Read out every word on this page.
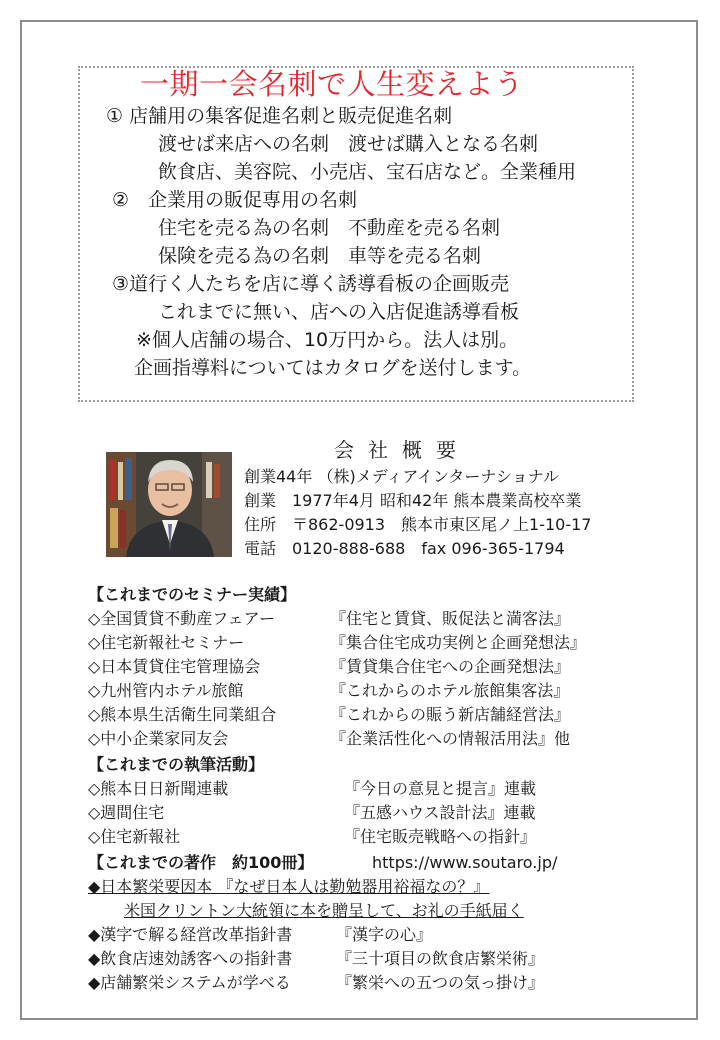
一期一会名刺で人生変えよう
① 店舗用の集客促進名刺と販売促進名刺
渡せば来店への名刺　渡せば購入となる名刺
飲食店、美容院、小売店、宝石店など。全業種用
②　企業用の販促専用の名刺
住宅を売る為の名刺　不動産を売る名刺
保険を売る為の名刺　車等を売る名刺
③道行く人たちを店に導く誘導看板の企画販売
これまでに無い、店への入店促進誘導看板
※個人店舗の場合、10万円から。法人は別。
企画指導料についてはカタログを送付します。
会社概要
創業44年 （株)メディアインターナショナル
創業　1977年4月 昭和42年 熊本農業高校卒業
住所　〒862-0913　熊本市東区尾ノ上1-10-17
電話　0120-888-688　fax 096-365-1794
【これまでのセミナー実績】
◇全国賃貸不動産フェアー	『住宅と賃貸、販促法と満客法』
◇住宅新報社セミナー	『集合住宅成功実例と企画発想法』
◇日本賃貸住宅管理協会	『賃貸集合住宅への企画発想法』
◇九州管内ホテル旅館	『これからのホテル旅館集客法』
◇熊本県生活衛生同業組合	『これからの賑う新店舗経営法』
◇中小企業家同友会	『企業活性化への情報活用法』他
【これまでの執筆活動】
◇熊本日日新聞連載	『今日の意見と提言』連載
◇週間住宅	『五感ハウス設計法』連載
◇住宅新報社	『住宅販売戦略への指針』
【これまでの著作　約100冊】	https://www.soutaro.jp/
◆日本繁栄要因本 『なぜ日本人は勤勉器用裕福なの？』
米国クリントン大統領に本を贈呈して、お礼の手紙届く
◆漢字で解る経営改革指針書	『漢字の心』
◆飲食店速効誘客への指針書	『三十項目の飲食店繁栄術』
◆店舗繁栄システムが学べる	『繁栄への五つの気っ掛け』
